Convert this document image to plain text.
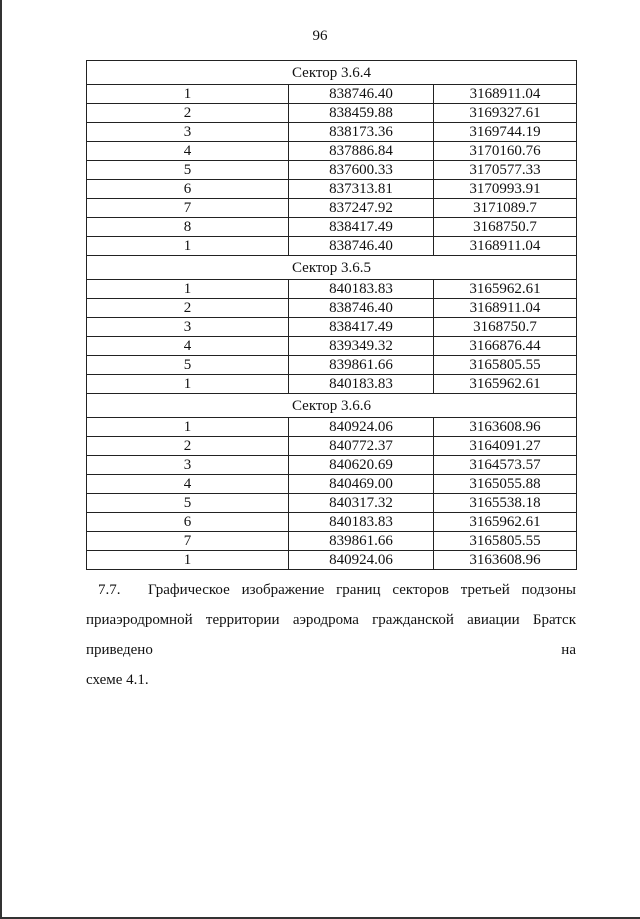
96
Сектор 3.6.4		
1	838746.40	3168911.04
2	838459.88	3169327.61
3	838173.36	3169744.19
4	837886.84	3170160.76
5	837600.33	3170577.33
6	837313.81	3170993.91
7	837247.92	3171089.7
8	838417.49	3168750.7
1	838746.40	3168911.04
Сектор 3.6.5		
1	840183.83	3165962.61
2	838746.40	3168911.04
3	838417.49	3168750.7
4	839349.32	3166876.44
5	839861.66	3165805.55
1	840183.83	3165962.61
Сектор 3.6.6		
1	840924.06	3163608.96
2	840772.37	3164091.27
3	840620.69	3164573.57
4	840469.00	3165055.88
5	840317.32	3165538.18
6	840183.83	3165962.61
7	839861.66	3165805.55
1	840924.06	3163608.96
7.7. Графическое изображение границ секторов третьей подзоны
приаэродромной территории аэродрома гражданской авиации Братск приведено на
схеме 4.1.
